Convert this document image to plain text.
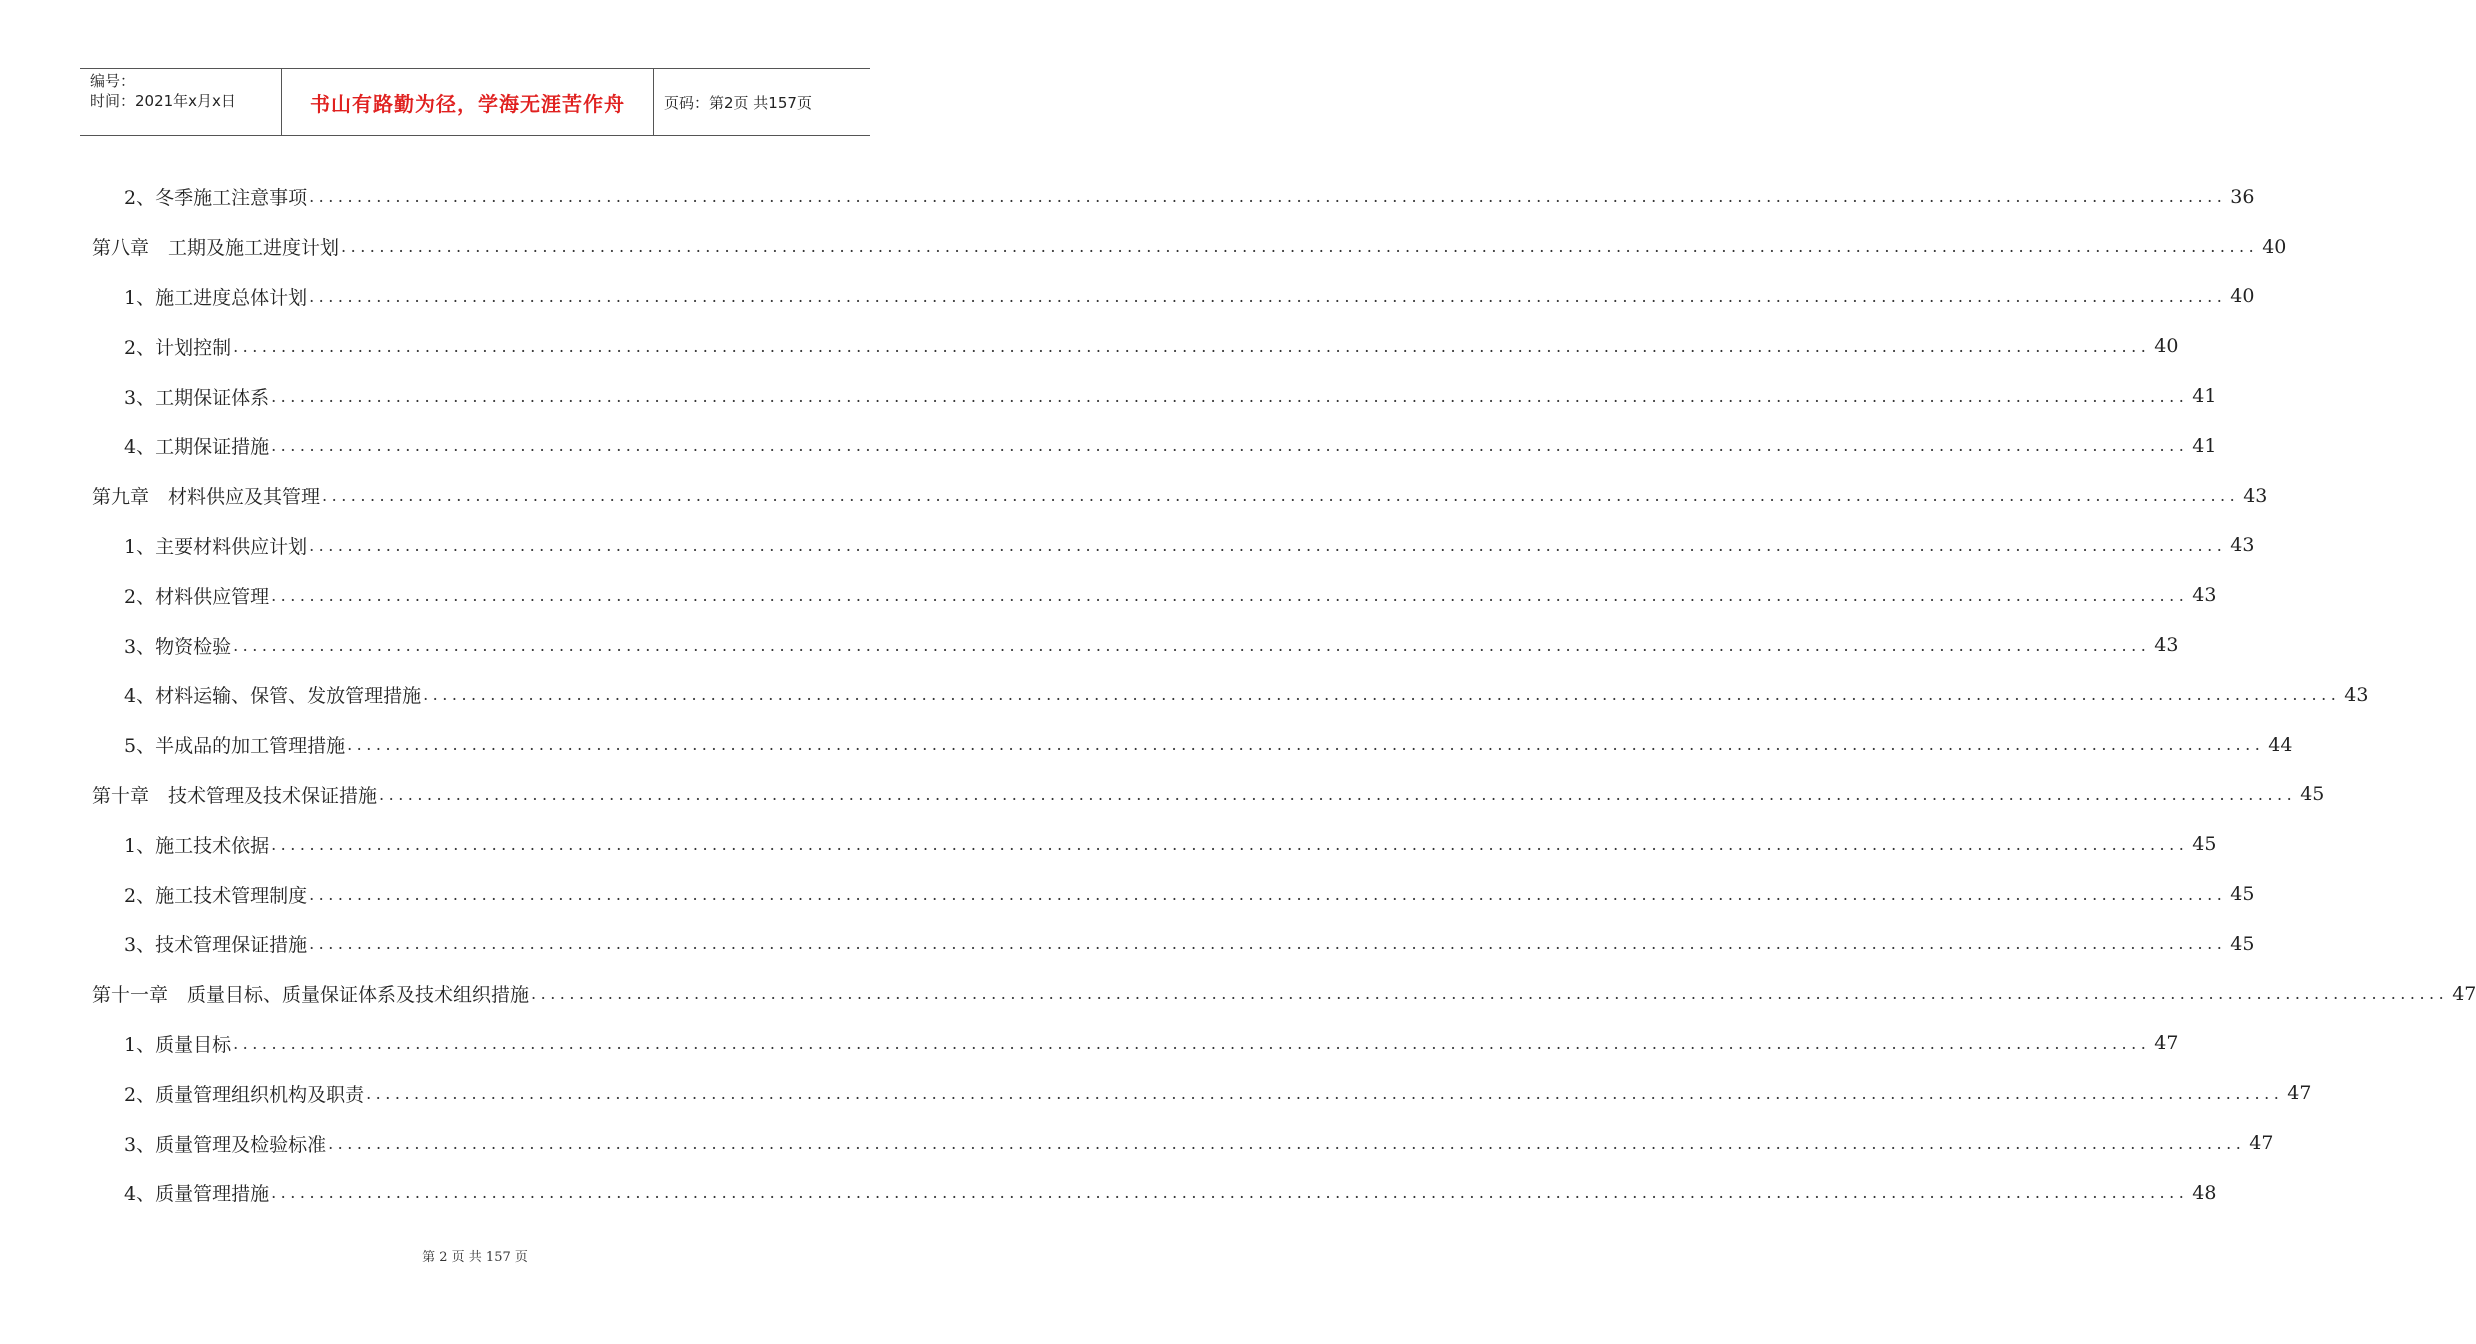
编号：
时间：2021年x月x日	书山有路勤为径，学海无涯苦作舟	页码：第2页 共157页
2、冬季施工注意事项 ........................................................................................................................................................................................................ 36
第八章　工期及施工进度计划 ........................................................................................................................................................................................................ 40
1、施工进度总体计划 ........................................................................................................................................................................................................ 40
2、计划控制 ........................................................................................................................................................................................................ 40
3、工期保证体系 ........................................................................................................................................................................................................ 41
4、工期保证措施 ........................................................................................................................................................................................................ 41
第九章　材料供应及其管理 ........................................................................................................................................................................................................ 43
1、主要材料供应计划 ........................................................................................................................................................................................................ 43
2、材料供应管理 ........................................................................................................................................................................................................ 43
3、物资检验 ........................................................................................................................................................................................................ 43
4、材料运输、保管、发放管理措施 ........................................................................................................................................................................................................ 43
5、半成品的加工管理措施 ........................................................................................................................................................................................................ 44
第十章　技术管理及技术保证措施 ........................................................................................................................................................................................................ 45
1、施工技术依据 ........................................................................................................................................................................................................ 45
2、施工技术管理制度 ........................................................................................................................................................................................................ 45
3、技术管理保证措施 ........................................................................................................................................................................................................ 45
第十一章　质量目标、质量保证体系及技术组织措施 ........................................................................................................................................................................................................ 47
1、质量目标 ........................................................................................................................................................................................................ 47
2、质量管理组织机构及职责 ........................................................................................................................................................................................................ 47
3、质量管理及检验标准 ........................................................................................................................................................................................................ 47
4、质量管理措施 ........................................................................................................................................................................................................ 48
第 2 页 共 157 页
